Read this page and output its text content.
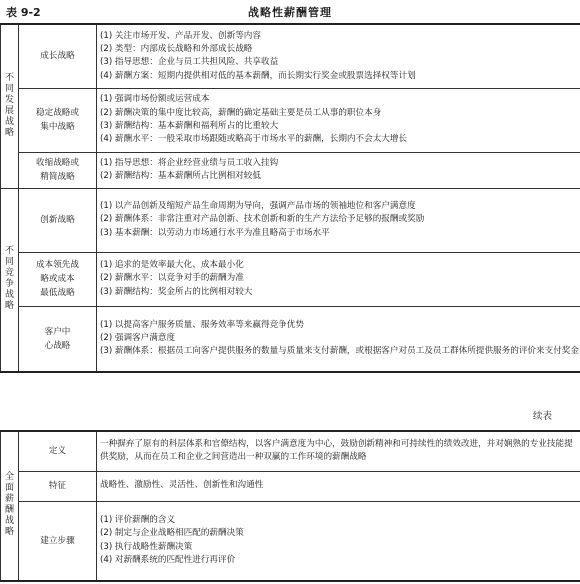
表 9-2	战略性薪酬管理
不同发展战略	成长战略	(1) 关注市场开发、产品开发、创新等内容
(2) 类型：内部成长战略和外部成长战略
(3) 指导思想：企业与员工共担风险、共享收益
(4) 薪酬方案：短期内提供相对低的基本薪酬，而长期实行奖金或股票选择权等计划

	稳定战略或
集中战略	(1) 强调市场份额或运营成本
(2) 薪酬决策的集中度比较高，薪酬的确定基础主要是员工从事的职位本身
(3) 薪酬结构：基本薪酬和福利所占的比重较大
(4) 薪酬水平：一般采取市场跟随或略高于市场水平的薪酬，长期内不会太大增长

	收缩战略或
精简战略	(1) 指导思想：将企业经营业绩与员工收入挂钩
(2) 薪酬结构：基本薪酬所占比例相对较低

不同竞争战略	创新战略	(1) 以产品创新及缩短产品生命周期为导向，强调产品市场的领袖地位和客户满意度
(2) 薪酬体系：非常注重对产品创新、技术创新和新的生产方法给予足够的报酬或奖励
(3) 基本薪酬：以劳动力市场通行水平为准且略高于市场水平

	成本领先战
略或成本
最低战略	(1) 追求的是效率最大化、成本最小化
(2) 薪酬水平：以竞争对手的薪酬为准
(3) 薪酬结构：奖金所占的比例相对较大

	客户中
心战略	(1) 以提高客户服务质量、服务效率等来赢得竞争优势
(2) 强调客户满意度
(3) 薪酬体系：根据员工向客户提供服务的数量与质量来支付薪酬，或根据客户对员工及员工群体所提供服务的评价来支付奖金
续表
全面薪酬战略	定义	一种摒弃了原有的科层体系和官僚结构，以客户满意度为中心，鼓励创新精神和可持续性的绩效改进，并对娴熟的专业技能提供奖励，从而在员工和企业之间营造出一种双赢的工作环境的薪酬战略

	特征	战略性、激励性、灵活性、创新性和沟通性

	建立步骤	(1) 评价薪酬的含义
(2) 制定与企业战略相匹配的薪酬决策
(3) 执行战略性薪酬决策
(4) 对薪酬系统的匹配性进行再评价
